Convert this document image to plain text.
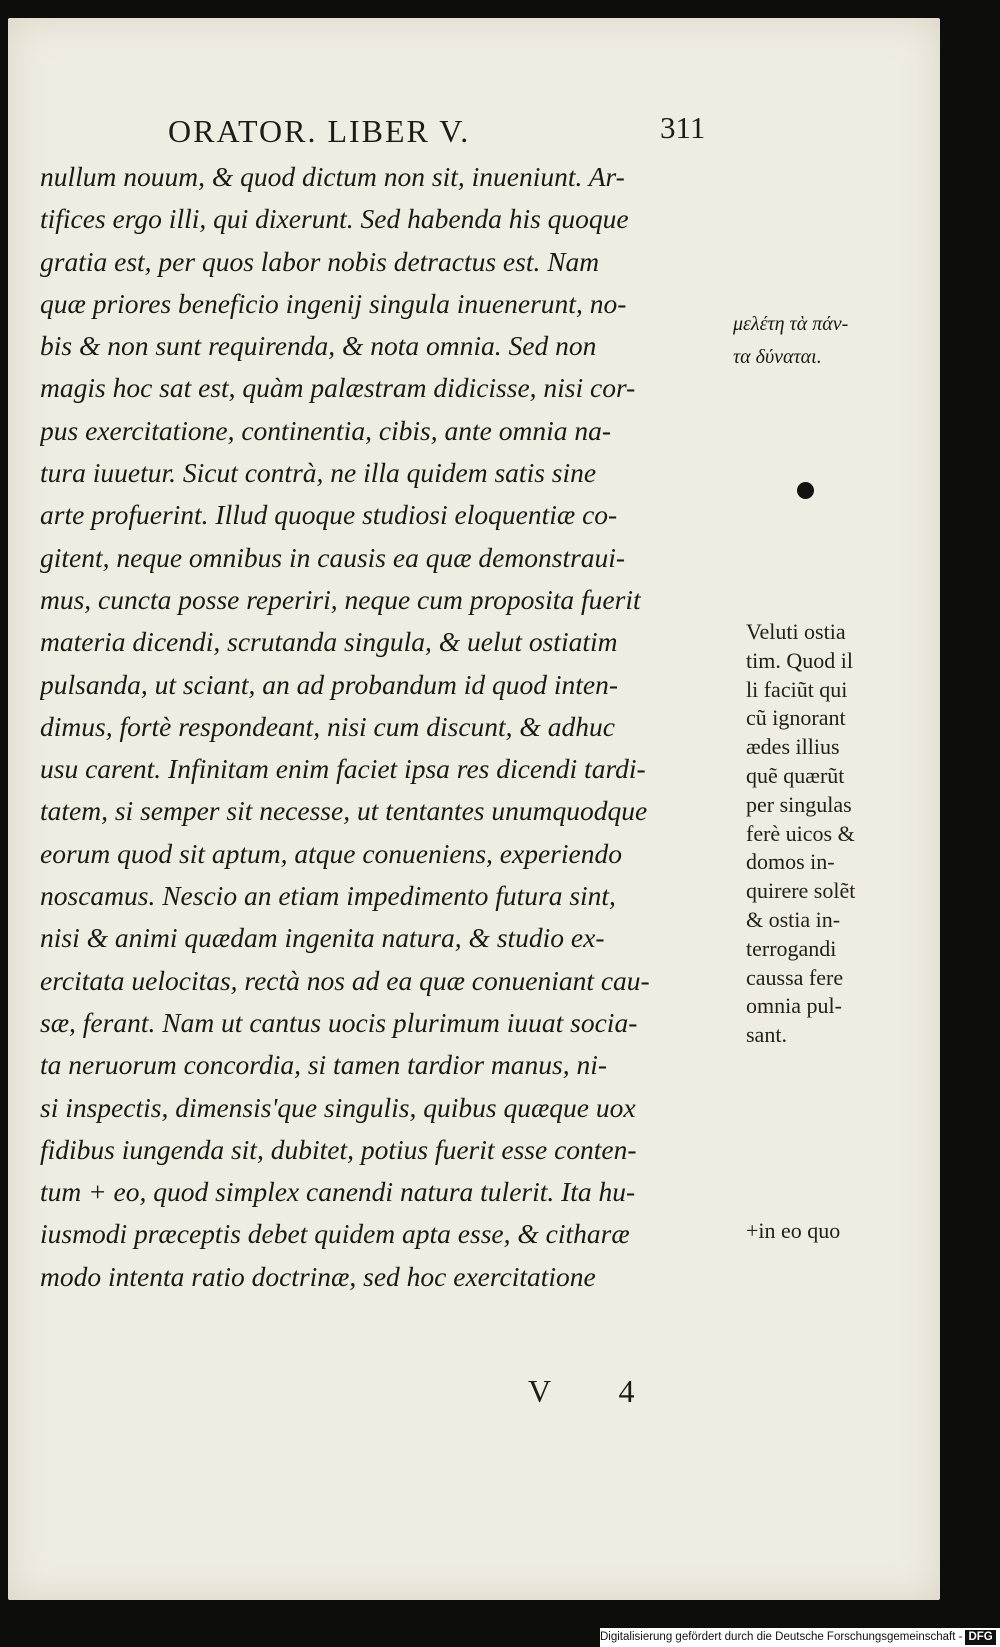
ORATOR. LIBER V.	311
nullum nouum, & quod dictum non sit, inueniunt. Ar-
tifices ergo illi, qui dixerunt. Sed habenda his quoque
gratia est, per quos labor nobis detractus est. Nam
quæ priores beneficio ingenij singula inuenerunt, no-
bis & non sunt requirenda, & nota omnia. Sed non
magis hoc sat est, quàm palæstram didicisse, nisi cor-
pus exercitatione, continentia, cibis, ante omnia na-
tura iuuetur. Sicut contrà, ne illa quidem satis sine
arte profuerint. Illud quoque studiosi eloquentiæ co-
gitent, neque omnibus in causis ea quæ demonstraui-
mus, cuncta posse reperiri, neque cum proposita fuerit
materia dicendi, scrutanda singula, & uelut ostiatim
pulsanda, ut sciant, an ad probandum id quod inten-
dimus, fortè respondeant, nisi cum discunt, & adhuc
usu carent. Infinitam enim faciet ipsa res dicendi tardi-
tatem, si semper sit necesse, ut tentantes unumquodque
eorum quod sit aptum, atque conueniens, experiendo
noscamus. Nescio an etiam impedimento futura sint,
nisi & animi quædam ingenita natura, & studio ex-
ercitata uelocitas, rectà nos ad ea quæ conueniant cau-
sæ, ferant. Nam ut cantus uocis plurimum iuuat socia-
ta neruorum concordia, si tamen tardior manus, ni-
si inspectis, dimensis'que singulis, quibus quæque uox
fidibus iungenda sit, dubitet, potius fuerit esse conten-
tum + eo, quod simplex canendi natura tulerit. Ita hu-
iusmodi præceptis debet quidem apta esse, & citharæ
modo intenta ratio doctrinæ, sed hoc exercitatione
μελέτη τὰ πάν-
τα δύναται.
Veluti ostia
tim. Quod il
li faciũt qui
cũ ignorant
ædes illius
quẽ quærũt
per singulas
ferè uicos &
domos in-
quirere solẽt
& ostia in-
terrogandi
caussa fere
omnia pul-
sant.
+in eo quo
V 4
Digitalisierung gefördert durch die Deutsche Forschungsgemeinschaft - DFG
